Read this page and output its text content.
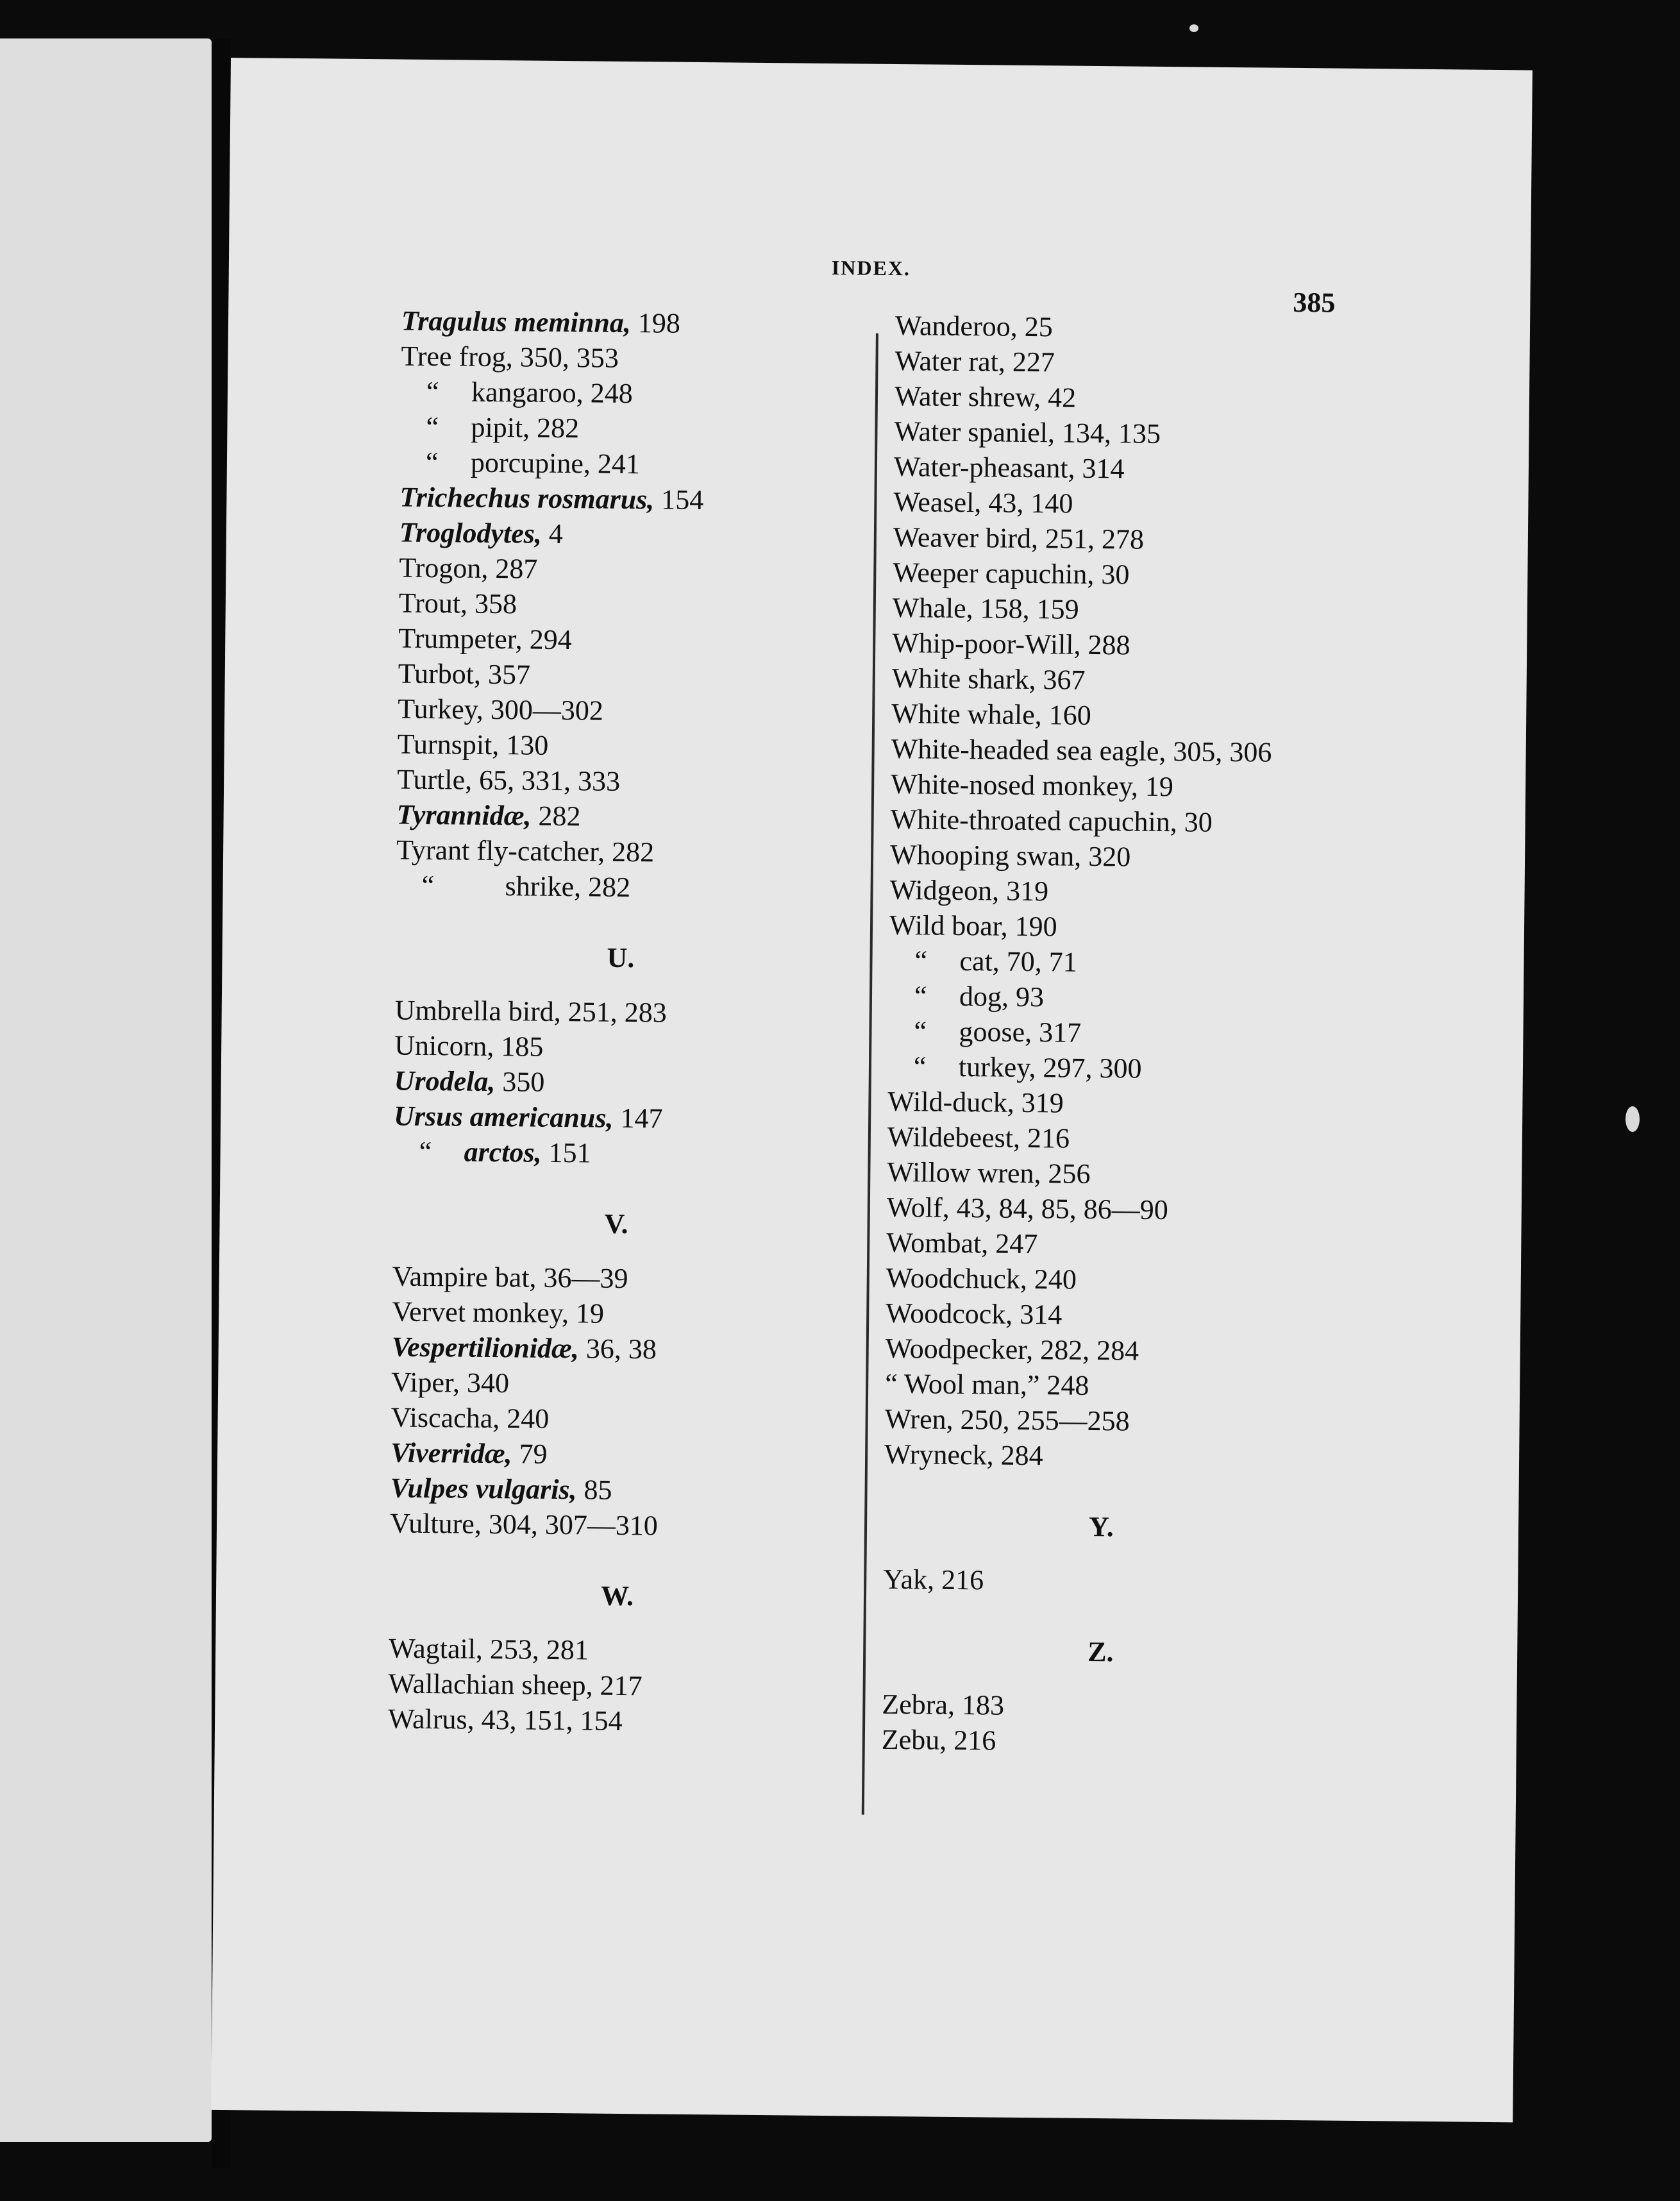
INDEX.
385
Tragulus meminna, 198
Tree frog, 350, 353
“ kangaroo, 248
“ pipit, 282
“ porcupine, 241
Trichechus rosmarus, 154
Troglodytes, 4
Trogon, 287
Trout, 358
Trumpeter, 294
Turbot, 357
Turkey, 300—302
Turnspit, 130
Turtle, 65, 331, 333
Tyrannidæ, 282
Tyrant fly-catcher, 282
“ shrike, 282
U.
Umbrella bird, 251, 283
Unicorn, 185
Urodela, 350
Ursus americanus, 147
“ arctos, 151
V.
Vampire bat, 36—39
Vervet monkey, 19
Vespertilionidæ, 36, 38
Viper, 340
Viscacha, 240
Viverridæ, 79
Vulpes vulgaris, 85
Vulture, 304, 307—310
W.
Wagtail, 253, 281
Wallachian sheep, 217
Walrus, 43, 151, 154
Wanderoo, 25
Water rat, 227
Water shrew, 42
Water spaniel, 134, 135
Water-pheasant, 314
Weasel, 43, 140
Weaver bird, 251, 278
Weeper capuchin, 30
Whale, 158, 159
Whip-poor-Will, 288
White shark, 367
White whale, 160
White-headed sea eagle, 305, 306
White-nosed monkey, 19
White-throated capuchin, 30
Whooping swan, 320
Widgeon, 319
Wild boar, 190
“ cat, 70, 71
“ dog, 93
“ goose, 317
“ turkey, 297, 300
Wild-duck, 319
Wildebeest, 216
Willow wren, 256
Wolf, 43, 84, 85, 86—90
Wombat, 247
Woodchuck, 240
Woodcock, 314
Woodpecker, 282, 284
“ Wool man,” 248
Wren, 250, 255—258
Wryneck, 284
Y.
Yak, 216
Z.
Zebra, 183
Zebu, 216
